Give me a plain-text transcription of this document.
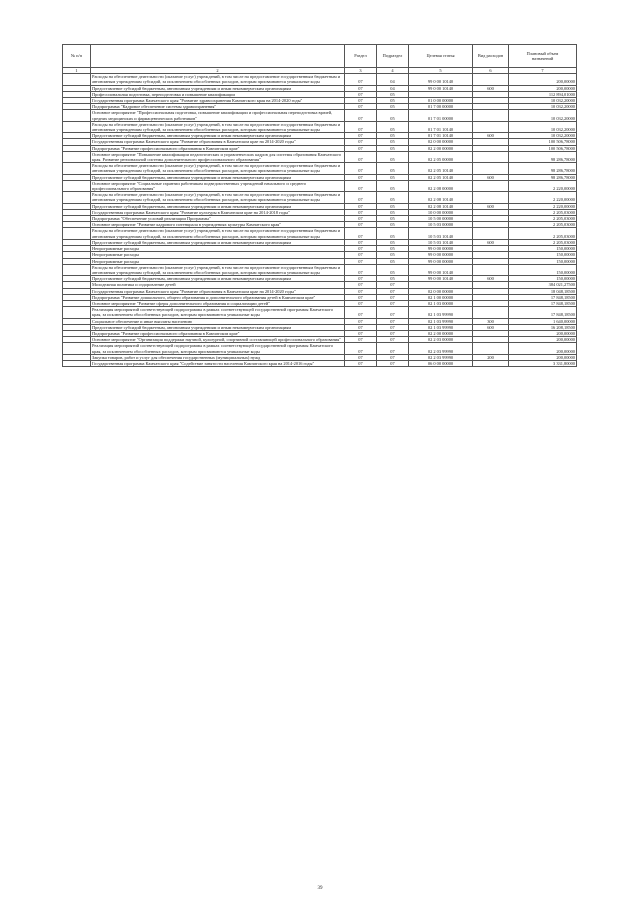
№ п/п		Раздел	Подраздел	Целевая статья	Вид расходов	Плановый объем
назначений
1	2	3	4	5	6	7
	Расходы на обеспечение деятельности (оказание услуг) учреждений, в том числе на предоставление государственным бюджетным и автономным учреждениям субсидий, за исключением обособленных расходов, которым присваиваются уникальные коды	07	04	99 0 00 10140		200,00000
	Предоставление субсидий бюджетным, автономным учреждениям и иным некоммерческим организациям	07	04	99 0 00 10140	600	200,00000
	Профессиональная подготовка, переподготовка и повышение квалификации	07	05			112 894,01000
	Государственная программа Камчатского края "Развитие здравоохранения Камчатского края на 2014-2020 годы"	07	05	01 0 00 00000		10 032,20000
	Подпрограмма "Кадровое обеспечение системы здравоохранения"	07	05	01 7 00 00000		10 032,20000
	Основное мероприятие "Профессиональная подготовка, повышение квалификации и профессиональная переподготовка врачей, средних медицинских и фармацевтических работников"	07	05	01 7 01 00000		10 032,20000
	Расходы на обеспечение деятельности (оказание услуг) учреждений, в том числе на предоставление государственным бюджетным и автономным учреждениям субсидий, за исключением обособленных расходов, которым присваиваются уникальные коды	07	05	01 7 01 10140		10 032,20000
	Предоставление субсидий бюджетным, автономным учреждениям и иным некоммерческим организациям	07	05	01 7 01 10140	600	10 032,20000
	Государственная программа Камчатского края "Развитие образования в Камчатском крае на 2014-2020 годы"	07	05	02 0 00 00000		100 506,78000
	Подпрограмма "Развитие профессионального образования в Камчатском крае"	07	05	02 2 00 00000		100 506,78000
	Основное мероприятие "Повышение квалификации педагогических и управленческих кадров для системы образования Камчатского края. Развитие региональной системы дополнительного профессионального образования"	07	05	02 2 05 00000		98 286,78000
	Расходы на обеспечение деятельности (оказание услуг) учреждений, в том числе на предоставление государственным бюджетным и автономным учреждениям субсидий, за исключением обособленных расходов, которым присваиваются уникальные коды	07	05	02 2 05 10140		98 286,78000
	Предоставление субсидий бюджетным, автономным учреждениям и иным некоммерческим организациям	07	05	02 2 05 10140	600	98 286,78000
	Основное мероприятие "Социальные гарантии работникам подведомственных учреждений начального и среднего профессионального образования"	07	05	02 2 08 00000		2 220,00000
	Расходы на обеспечение деятельности (оказание услуг) учреждений, в том числе на предоставление государственным бюджетным и автономным учреждениям субсидий, за исключением обособленных расходов, которым присваиваются уникальные коды	07	05	02 2 08 10140		2 220,00000
	Предоставление субсидий бюджетным, автономным учреждениям и иным некоммерческим организациям	07	05	02 2 08 10140	600	2 220,00000
	Государственная программа Камчатского края "Развитие культуры в Камчатском крае на 2014-2018 годы"	07	05	10 0 00 00000		2 205,03000
	Подпрограмма "Обеспечение условий реализации Программы"	07	05	10 5 00 00000		2 205,03000
	Основное мероприятие "Развитие кадрового потенциала в учреждениях культуры Камчатского края"	07	05	10 5 03 00000		2 205,03000
	Расходы на обеспечение деятельности (оказание услуг) учреждений, в том числе на предоставление государственным бюджетным и автономным учреждениям субсидий, за исключением обособленных расходов, которым присваиваются уникальные коды	07	05	10 5 03 10140		2 205,03000
	Предоставление субсидий бюджетным, автономным учреждениям и иным некоммерческим организациям	07	05	10 5 03 10140	600	2 205,03000
	Непрограммные расходы	07	05	99 0 00 00000		150,00000
	Непрограммные расходы	07	05	99 0 00 00000		150,00000
	Непрограммные расходы	07	05	99 0 00 00000		150,00000
	Расходы на обеспечение деятельности (оказание услуг) учреждений, в том числе на предоставление государственным бюджетным и автономным учреждениям субсидий, за исключением обособленных расходов, которым присваиваются уникальные коды	07	05	99 0 00 10140		150,00000
	Предоставление субсидий бюджетным, автономным учреждениям и иным некоммерческим организациям	07	05	99 0 00 10140	600	150,00000
	Молодежная политика и оздоровление детей	07	07			384 021,27500
	Государственная программа Камчатского края "Развитие образования в Камчатском крае на 2014-2020 годы"	07	07	02 0 00 00000		18 048,18500
	Подпрограмма "Развитие дошкольного, общего образования и дополнительного образования детей в Камчатском крае"	07	07	02 1 00 00000		17 848,18500
	Основное мероприятие "Развитие сферы дополнительного образования и социализации детей"	07	07	02 1 03 00000		17 848,18500
	Реализация мероприятий соответствующей подпрограммы в рамках соответствующей государственной программы Камчатского края, за исключением обособленных расходов, которым присваиваются уникальные коды	07	07	02 1 03 99990		17 848,18500
	Социальное обеспечение и иные выплаты населению	07	07	02 1 03 99990	300	1 640,00000
	Предоставление субсидий бюджетным, автономным учреждениям и иным некоммерческим организациям	07	07	02 1 03 99990	600	16 208,18500
	Подпрограмма "Развитие профессионального образования в Камчатском крае"	07	07	02 2 00 00000		200,00000
	Основное мероприятие "Организация поддержки научной, культурной, спортивной составляющей профессионального образования"	07	07	02 2 03 00000		200,00000
	Реализация мероприятий соответствующей подпрограммы в рамках соответствующей государственной программы Камчатского края, за исключением обособленных расходов, которым присваиваются уникальные коды	07	07	02 2 03 99990		200,00000
	Закупка товаров, работ и услуг для обеспечения государственных (муниципальных) нужд	07	07	02 2 03 99990	200	200,00000
	Государственная программа Камчатского края "Содействие занятости населения Камчатского края на 2014-2016 годы"	07	07	06 0 00 00000		3 331,80000
39
